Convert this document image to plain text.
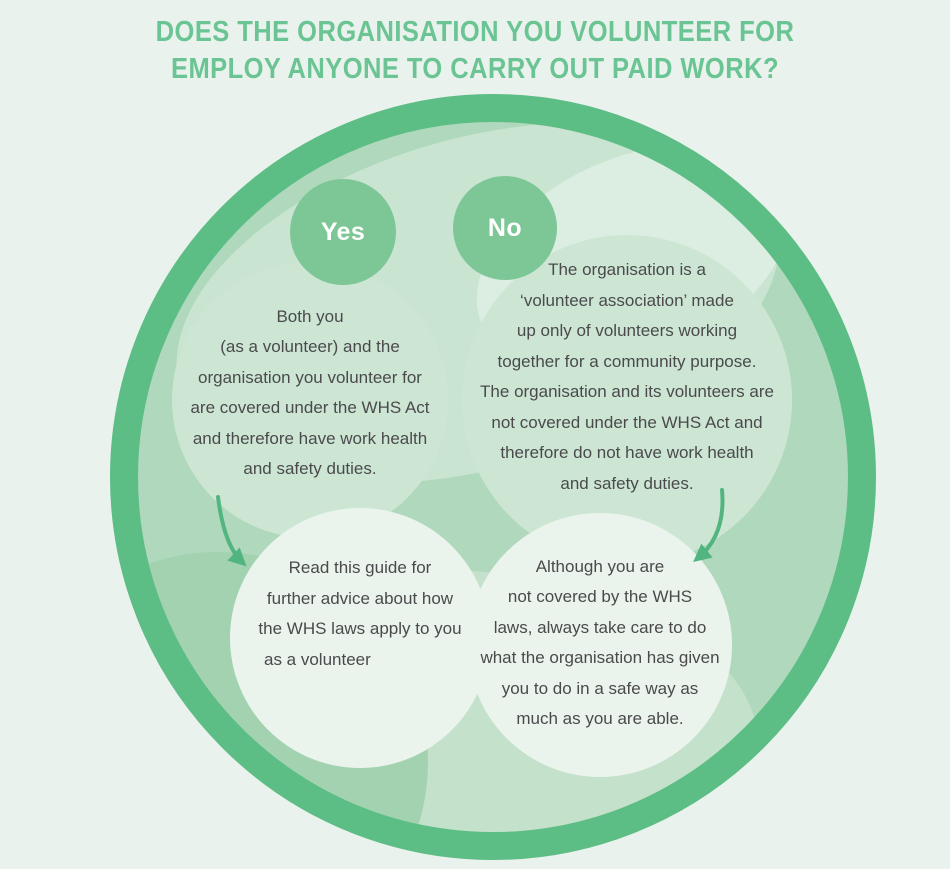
DOES THE ORGANISATION YOU VOLUNTEER FOR
EMPLOY ANYONE TO CARRY OUT PAID WORK?
Both you
(as a volunteer) and the
organisation you volunteer for
are covered under the WHS Act
and therefore have work health
and safety duties.
The organisation is a
‘volunteer association’ made
up only of volunteers working
together for a community purpose.
The organisation and its volunteers are
not covered under the WHS Act and
therefore do not have work health
and safety duties.
Read this guide for
further advice about how
the WHS laws apply to you
as a volunteer
Although you are
not covered by the WHS
laws, always take care to do
what the organisation has given
you to do in a safe way as
much as you are able.
Yes	No
